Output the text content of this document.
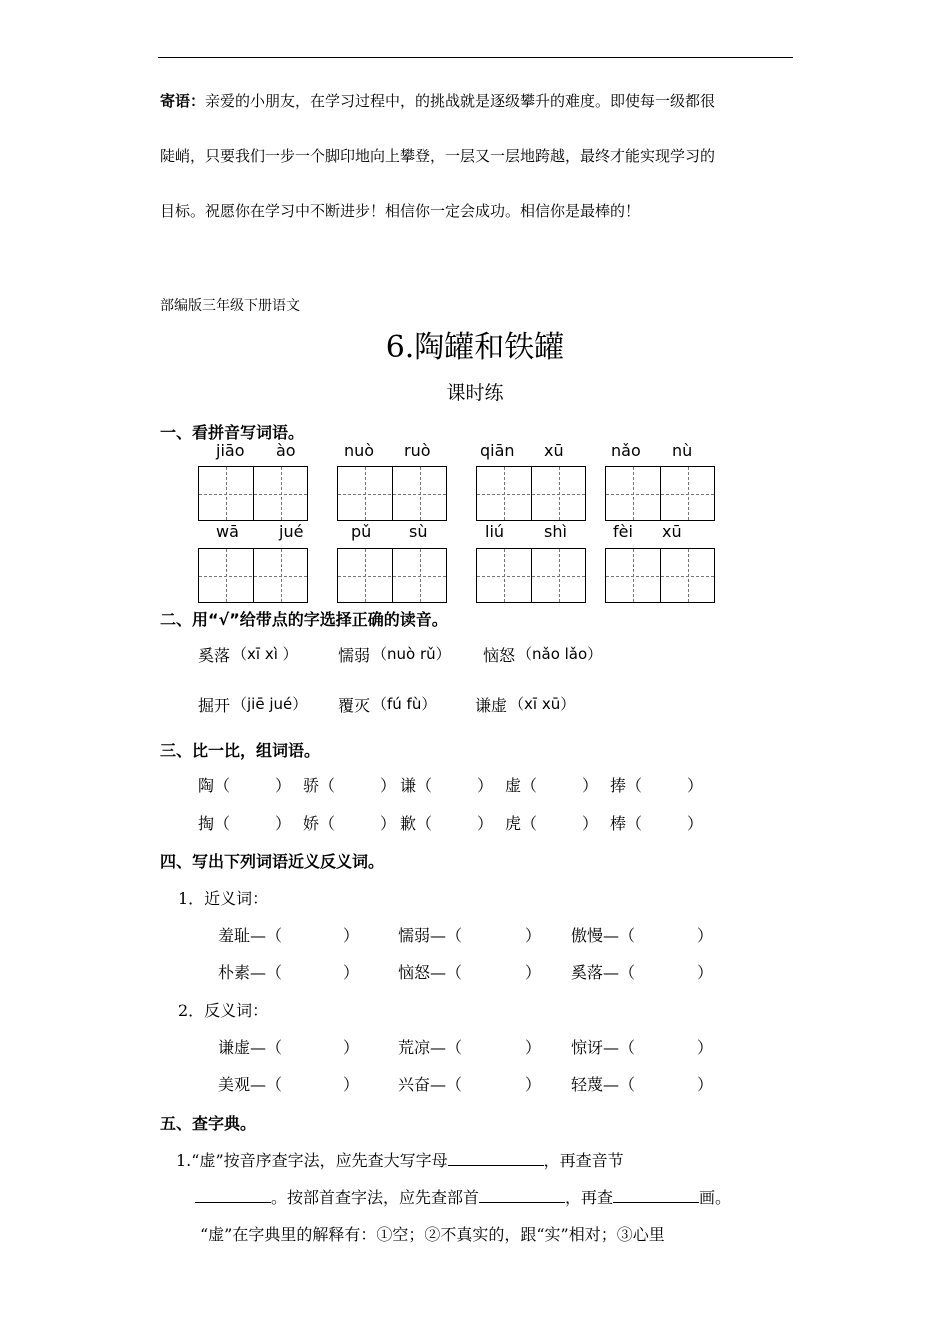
寄语：亲爱的小朋友，在学习过程中，的挑战就是逐级攀升的难度。即使每一级都很
陡峭，只要我们一步一个脚印地向上攀登，一层又一层地跨越，最终才能实现学习的
目标。祝愿你在学习中不断进步！相信你一定会成功。相信你是最棒的！
部编版三年级下册语文
6.陶罐和铁罐
课时练
一、看拼音写词语。
jiāo ào	nuò ruò	qiān xū	nǎo nù
wā	jué	pǔ sù	liú shì	fèi xū
二、用“√”给带点的字选择正确的读音。
奚落 （xī xì ）	懦弱 （nuò rǔ） 恼怒 （nǎo lǎo）
掘开 （jiē jué） 覆灭 （fú fù） 谦虚 （xī xū）
三、比一比，组词语。
陶（	） 骄（	） 谦（	） 虚（	） 捧（	）
掏（	） 娇（	） 歉（	） 虎（	） 棒（	）
四、写出下列词语近义反义词。
1．近义词：
羞耻—（	） 懦弱—（	） 傲慢—（	）
朴素—（	） 恼怒—（	） 奚落—（	）
2．反义词：
谦虚—（	） 荒凉—（	） 惊讶—（	）
美观—（	） 兴奋—（	） 轻蔑—（	）
五、查字典。
1.“虚”按音序查字法，应先查大写字母	，再查音节
。按部首查字法，应先查部首	，再查	画。
“虚”在字典里的解释有：①空；②不真实的，跟“实”相对；③心里
